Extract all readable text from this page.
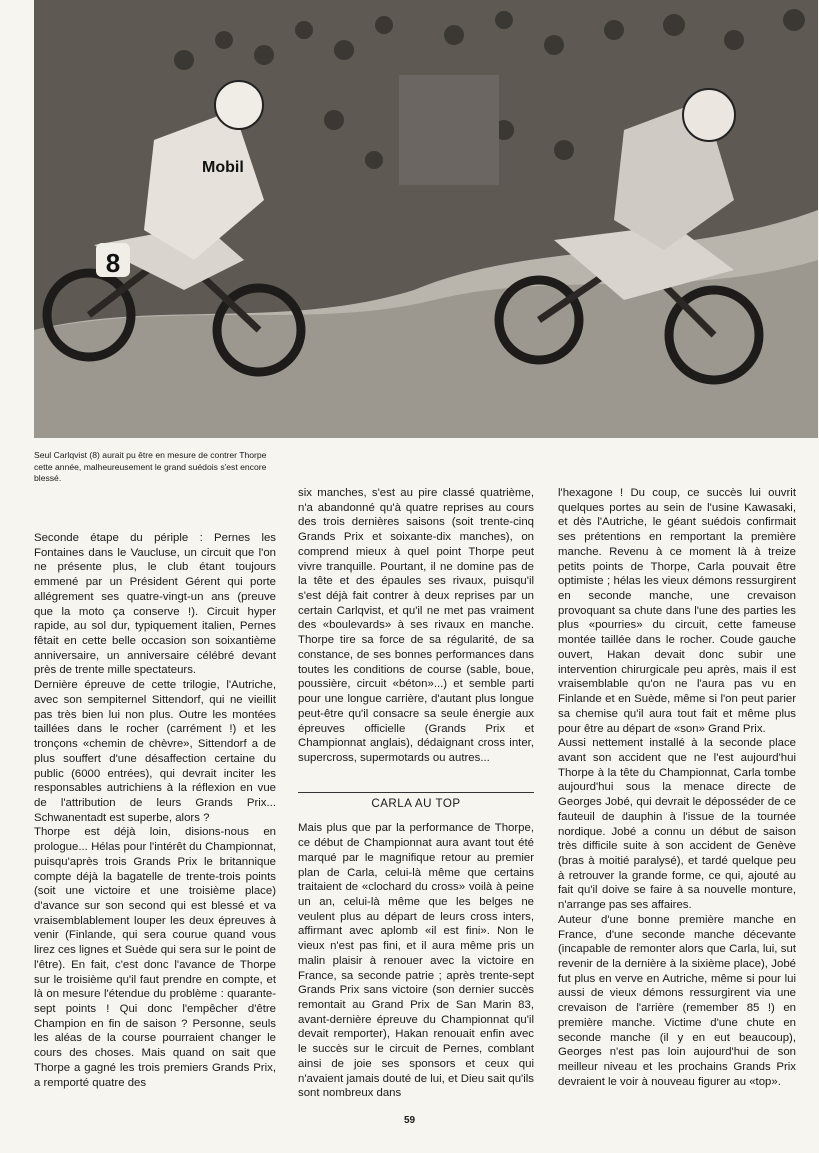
8
Mobil
Seul Carlqvist (8) aurait pu être en mesure de contrer Thorpe cette année, malheureusement le grand suédois s'est encore blessé.

Seconde étape du périple : Pernes les Fontaines dans le Vaucluse, un circuit que l'on ne présente plus, le club étant toujours emmené par un Président Gérent qui porte allégrement ses quatre-vingt-un ans (preuve que la moto ça conserve !). Circuit hyper rapide, au sol dur, typiquement italien, Pernes fêtait en cette belle occasion son soixantième anniversaire, un anniversaire célébré devant près de trente mille spectateurs.

Dernière épreuve de cette trilogie, l'Autriche, avec son sempiternel Sittendorf, qui ne vieillit pas très bien lui non plus. Outre les montées taillées dans le rocher (carrément !) et les tronçons «chemin de chèvre», Sittendorf a de plus souffert d'une désaffection certaine du public (6000 entrées), qui devrait inciter les responsables autrichiens à la réflexion en vue de l'attribution de leurs Grands Prix... Schwanentadt est superbe, alors ?

Thorpe est déjà loin, disions-nous en prologue... Hélas pour l'intérêt du Championnat, puisqu'après trois Grands Prix le britannique compte déjà la bagatelle de trente-trois points (soit une victoire et une troisième place) d'avance sur son second qui est blessé et va vraisemblablement louper les deux épreuves à venir (Finlande, qui sera courue quand vous lirez ces lignes et Suède qui sera sur le point de l'être). En fait, c'est donc l'avance de Thorpe sur le troisième qu'il faut prendre en compte, et là on mesure l'étendue du problème : quarante-sept points ! Qui donc l'empêcher d'être Champion en fin de saison ? Personne, seuls les aléas de la course pourraient changer le cours des choses. Mais quand on sait que Thorpe a gagné les trois premiers Grands Prix, a remporté quatre des

six manches, s'est au pire classé quatrième, n'a abandonné qu'à quatre reprises au cours des trois dernières saisons (soit trente-cinq Grands Prix et soixante-dix manches), on comprend mieux à quel point Thorpe peut vivre tranquille. Pourtant, il ne domine pas de la tête et des épaules ses rivaux, puisqu'il s'est déjà fait contrer à deux reprises par un certain Carlqvist, et qu'il ne met pas vraiment des «boulevards» à ses rivaux en manche. Thorpe tire sa force de sa régularité, de sa constance, de ses bonnes performances dans toutes les conditions de course (sable, boue, poussière, circuit «béton»...) et semble parti pour une longue carrière, d'autant plus longue peut-être qu'il consacre sa seule énergie aux épreuves officielle (Grands Prix et Championnat anglais), dédaignant cross inter, supercross, supermotards ou autres...

CARLA AU TOP

Mais plus que par la performance de Thorpe, ce début de Championnat aura avant tout été marqué par le magnifique retour au premier plan de Carla, celui-là même que certains traitaient de «clochard du cross» voilà à peine un an, celui-là même que les belges ne veulent plus au départ de leurs cross inters, affirmant avec aplomb «il est fini». Non le vieux n'est pas fini, et il aura même pris un malin plaisir à renouer avec la victoire en France, sa seconde patrie ; après trente-sept Grands Prix sans victoire (son dernier succès remontait au Grand Prix de San Marin 83, avant-dernière épreuve du Championnat qu'il devait remporter), Hakan renouait enfin avec le succès sur le circuit de Pernes, comblant ainsi de joie ses sponsors et ceux qui n'avaient jamais douté de lui, et Dieu sait qu'ils sont nombreux dans

l'hexagone ! Du coup, ce succès lui ouvrit quelques portes au sein de l'usine Kawasaki, et dès l'Autriche, le géant suédois confirmait ses prétentions en remportant la première manche. Revenu à ce moment là à treize petits points de Thorpe, Carla pouvait être optimiste ; hélas les vieux démons ressurgirent en seconde manche, une crevaison provoquant sa chute dans l'une des parties les plus «pourries» du circuit, cette fameuse montée taillée dans le rocher. Coude gauche ouvert, Hakan devait donc subir une intervention chirurgicale peu après, mais il est vraisemblable qu'on ne l'aura pas vu en Finlande et en Suède, même si l'on peut parier sa chemise qu'il aura tout fait et même plus pour être au départ de «son» Grand Prix.

Aussi nettement installé à la seconde place avant son accident que ne l'est aujourd'hui Thorpe à la tête du Championnat, Carla tombe aujourd'hui sous la menace directe de Georges Jobé, qui devrait le déposséder de ce fauteuil de dauphin à l'issue de la tournée nordique. Jobé a connu un début de saison très difficile suite à son accident de Genève (bras à moitié paralysé), et tardé quelque peu à retrouver la grande forme, ce qui, ajouté au fait qu'il doive se faire à sa nouvelle monture, n'arrange pas ses affaires.

Auteur d'une bonne première manche en France, d'une seconde manche décevante (incapable de remonter alors que Carla, lui, sut revenir de la dernière à la sixième place), Jobé fut plus en verve en Autriche, même si pour lui aussi de vieux démons ressurgirent via une crevaison de l'arrière (remember 85 !) en première manche. Victime d'une chute en seconde manche (il y en eut beaucoup), Georges n'est pas loin aujourd'hui de son meilleur niveau et les prochains Grands Prix devraient le voir à nouveau figurer au «top».

59
